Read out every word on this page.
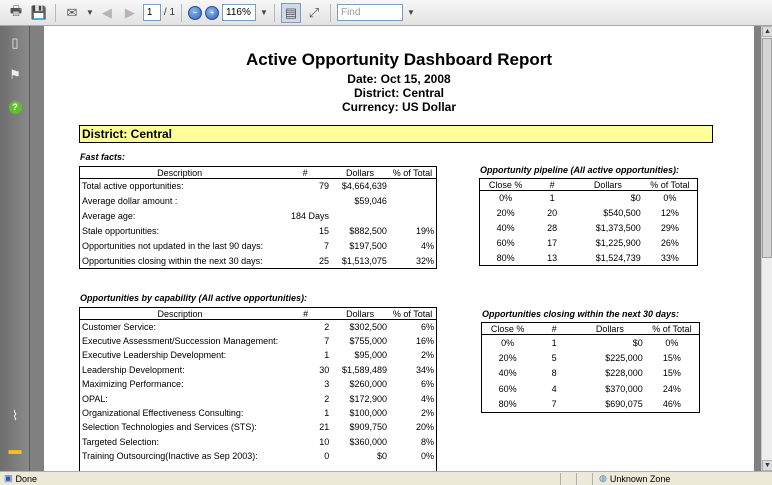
🖶 💾	✉	▼ ◀	▶	1	/ 1	−	+	116%	▼ ▤ ⤢	Find	▼
▯
⚑
?
⌇
▬
Active Opportunity Dashboard Report
Date: Oct 15, 2008
District: Central
Currency: US Dollar
District: Central
Fast facts:
Description	#	Dollars	% of Total
Total active opportunities:	79	$4,664,639	
Average dollar amount :		$59,046	
Average age:	184 Days		
Stale opportunities:	15	$882,500	19%
Opportunities not updated in the last 90 days:	7	$197,500	4%
Opportunities closing within the next 30 days:	25	$1,513,075	32%
Opportunity pipeline (All active opportunities):
Close %	#	Dollars	% of Total
0%	1	$0	0%
20%	20	$540,500	12%
40%	28	$1,373,500	29%
60%	17	$1,225,900	26%
80%	13	$1,524,739	33%
Opportunities by capability (All active opportunities):
Description	#	Dollars	% of Total
Customer Service:	2	$302,500	6%
Executive Assessment/Succession Management:	7	$755,000	16%
Executive Leadership Development:	1	$95,000	2%
Leadership Development:	30	$1,589,489	34%
Maximizing Performance:	3	$260,000	6%
OPAL:	2	$172,900	4%
Organizational Effectiveness Consulting:	1	$100,000	2%
Selection Technologies and Services (STS):	21	$909,750	20%
Targeted Selection:	10	$360,000	8%
Training Outsourcing(Inactive as Sep 2003):	0	$0	0%

Opportunities closing within the next 30 days:
Close %	#	Dollars	% of Total
0%	1	$0	0%
20%	5	$225,000	15%
40%	8	$228,000	15%
60%	4	$370,000	24%
80%	7	$690,075	46%
▲
▼
▣ Done	◍ Unknown Zone
